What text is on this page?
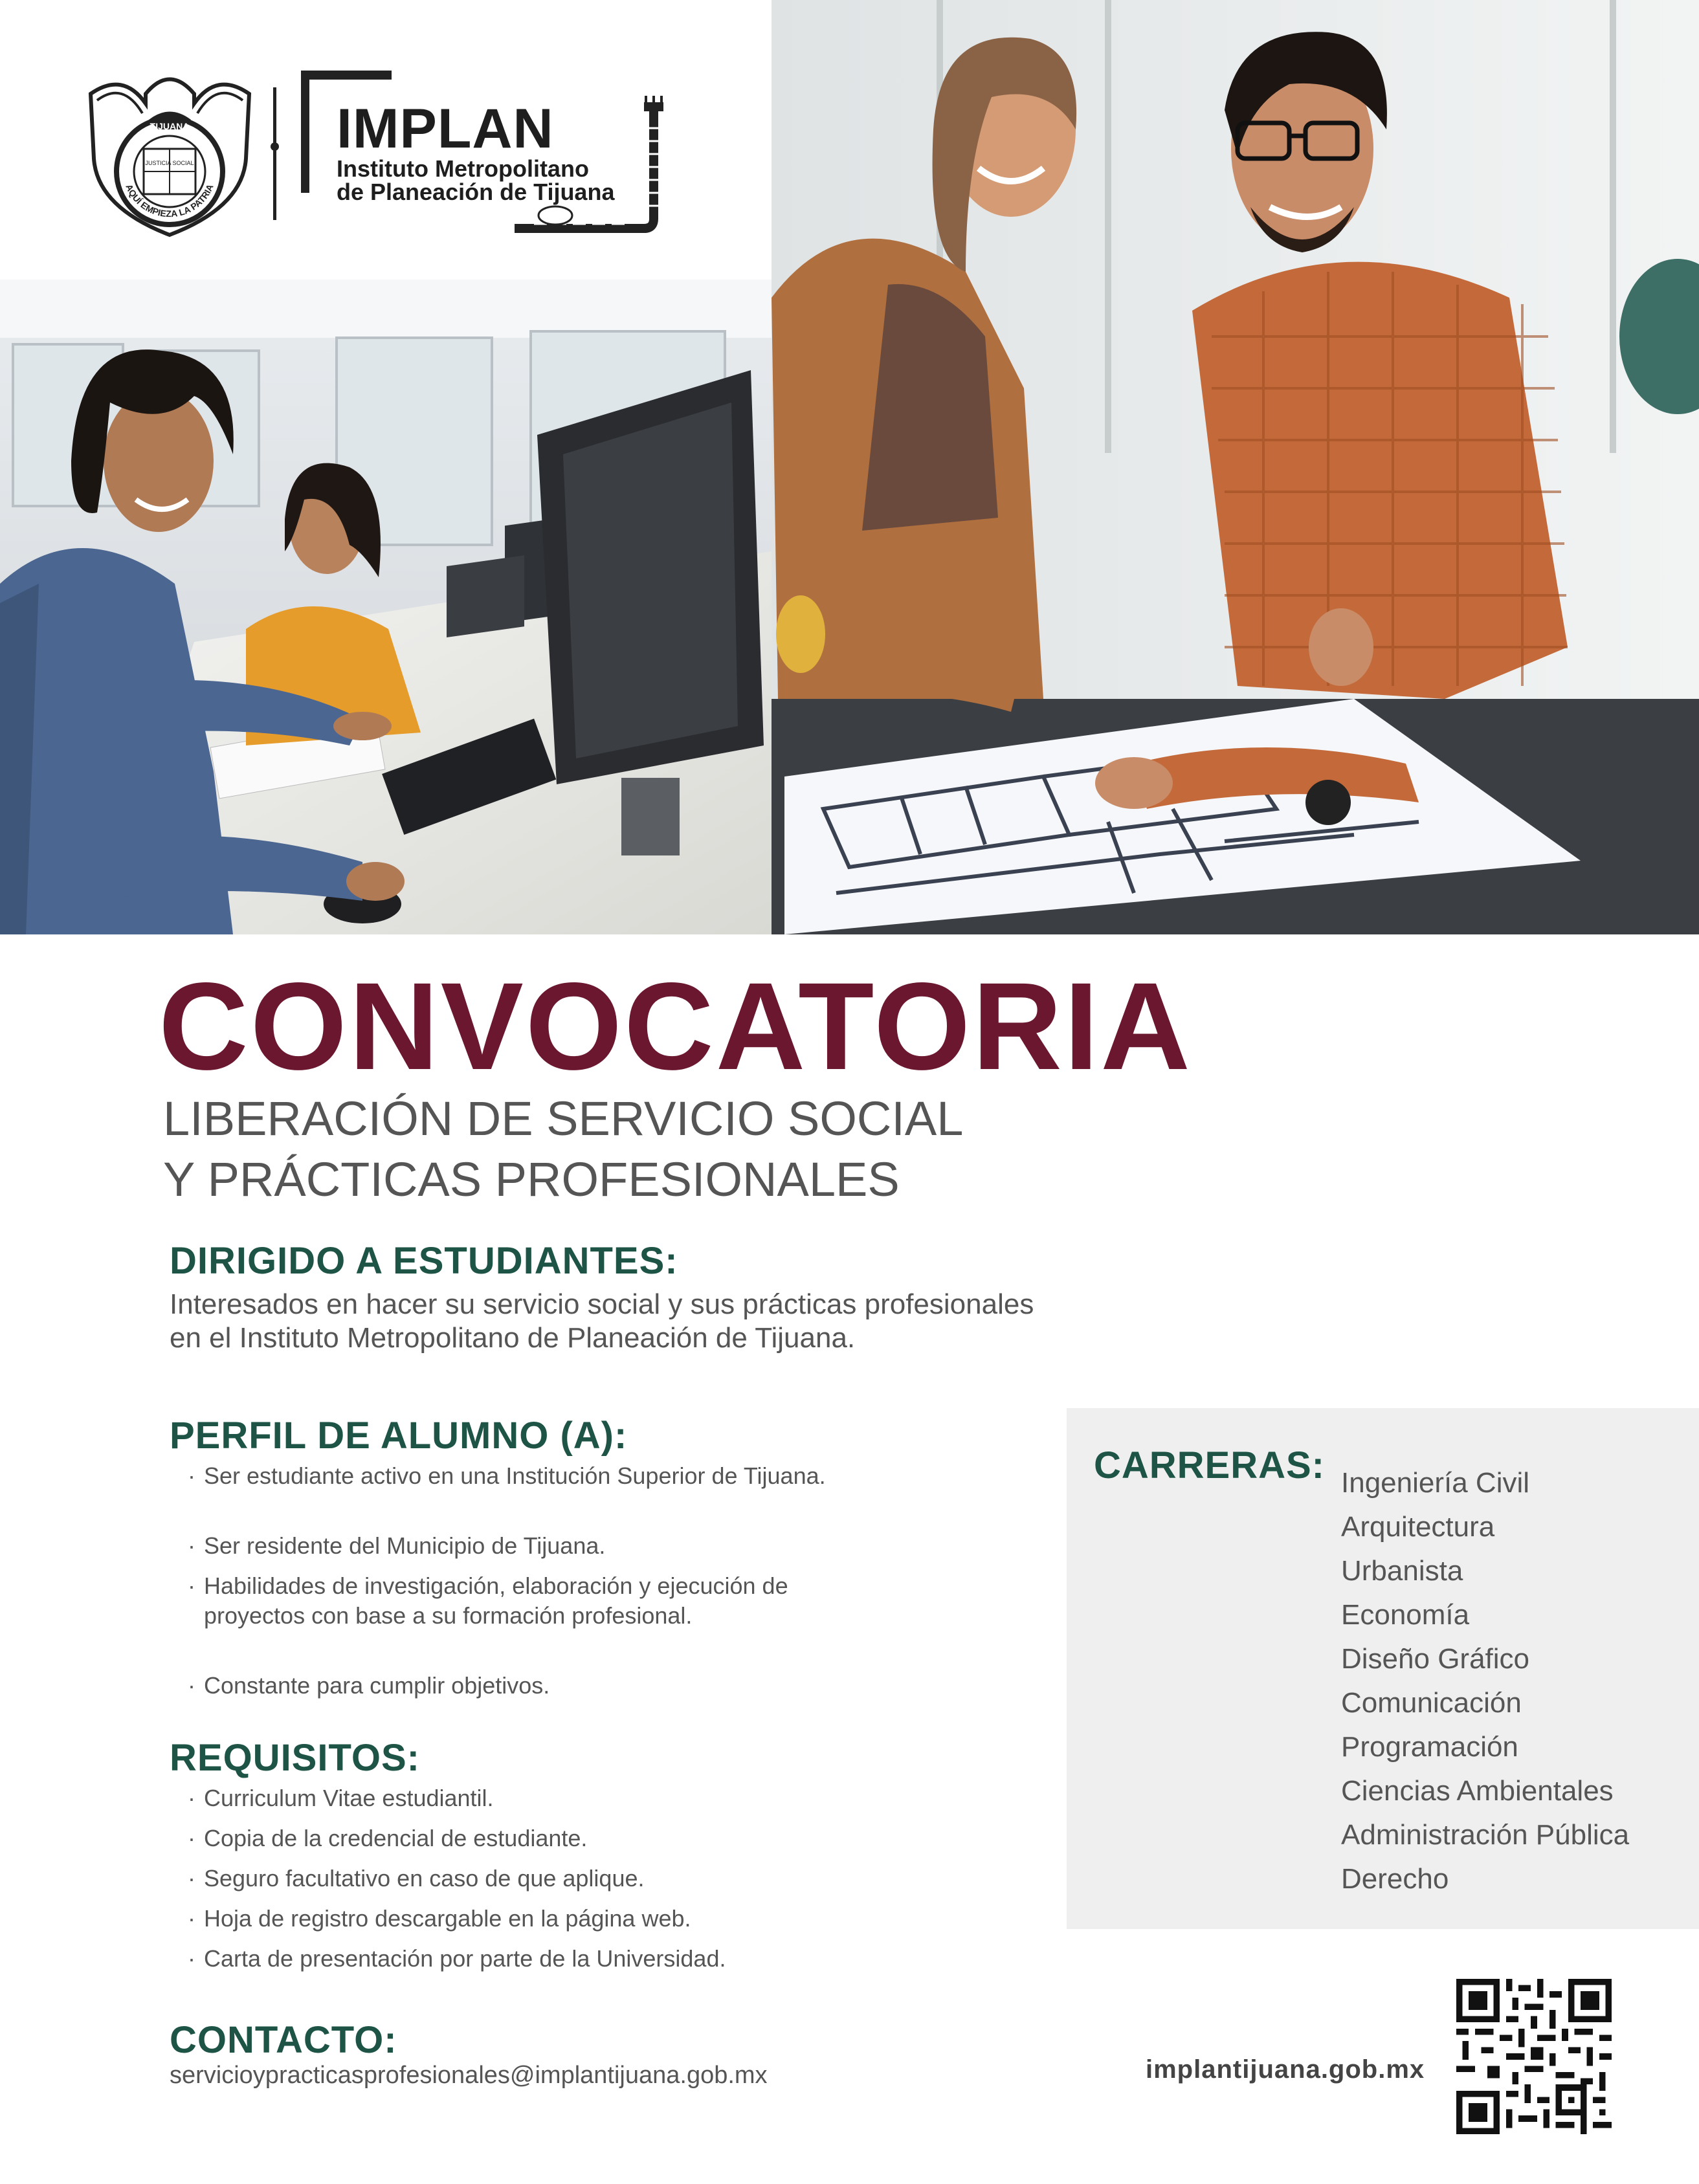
TIJUANA
JUSTICIA SOCIAL
AQUÍ EMPIEZA LA PATRIA
IMPLAN
Instituto Metropolitano
de Planeación de Tijuana
CONVOCATORIA
LIBERACIÓN DE SERVICIO SOCIAL
Y PRÁCTICAS PROFESIONALES
DIRIGIDO A ESTUDIANTES:
Interesados en hacer su servicio social y sus prácticas profesionales
en el Instituto Metropolitano de Planeación de Tijuana.
PERFIL DE ALUMNO (A):
· Ser estudiante activo en una Institución Superior de Tijuana.
· Ser residente del Municipio de Tijuana.
· Habilidades de investigación, elaboración y ejecución de proyectos con base a su formación profesional.
· Constante para cumplir objetivos.
REQUISITOS:
· Curriculum Vitae estudiantil.
· Copia de la credencial de estudiante.
· Seguro facultativo en caso de que aplique.
· Hoja de registro descargable en la página web.
· Carta de presentación por parte de la Universidad.
CONTACTO:
servicioypracticasprofesionales@implantijuana.gob.mx
CARRERAS: Ingeniería Civil
Arquitectura
Urbanista
Economía
Diseño Gráfico
Comunicación
Programación
Ciencias Ambientales
Administración Pública
Derecho
implantijuana.gob.mx
